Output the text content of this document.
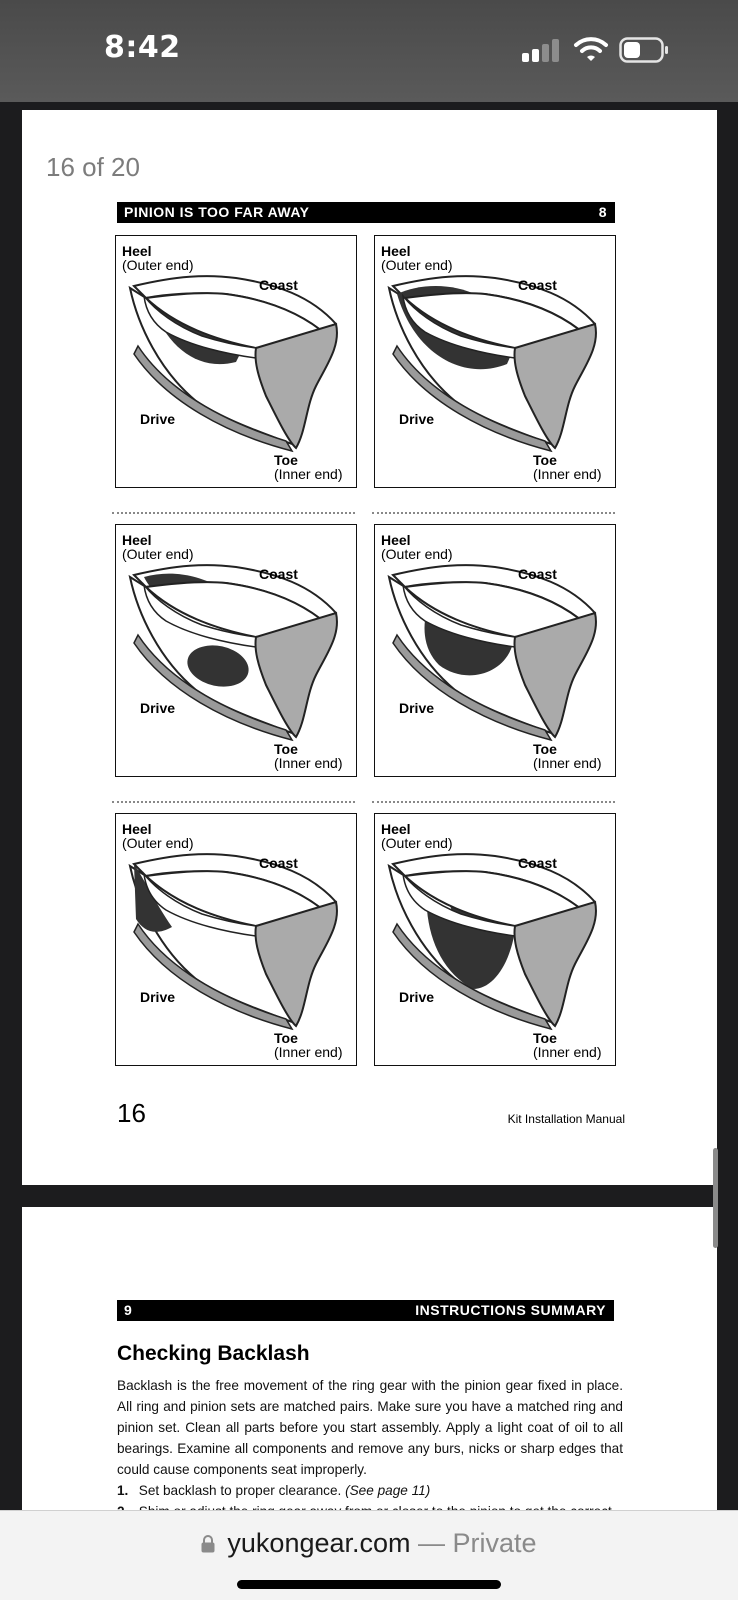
8:42
16 of 20
PINION IS TOO FAR AWAY	8
Heel
(Outer end)
Coast
Drive
Toe
(Inner end)
Heel
(Outer end)
Coast
Drive
Toe
(Inner end)
Heel
(Outer end)
Coast
Drive
Toe
(Inner end)
Heel
(Outer end)
Coast
Drive
Toe
(Inner end)
Heel
(Outer end)
Coast
Drive
Toe
(Inner end)
Heel
(Outer end)
Coast
Drive
Toe
(Inner end)
16	Kit Installation Manual
9	INSTRUCTIONS SUMMARY
Checking Backlash

Backlash is the free movement of the ring gear with the pinion gear fixed in place. All ring and pinion sets are matched pairs. Make sure you have a matched ring and pinion set. Clean all parts before you start assembly. Apply a light coat of oil to all bearings. Examine all components and remove any burs, nicks or sharp edges that could cause components seat improperly.

1. Set backlash to proper clearance. (See page 11)
yukongear.com — Private
